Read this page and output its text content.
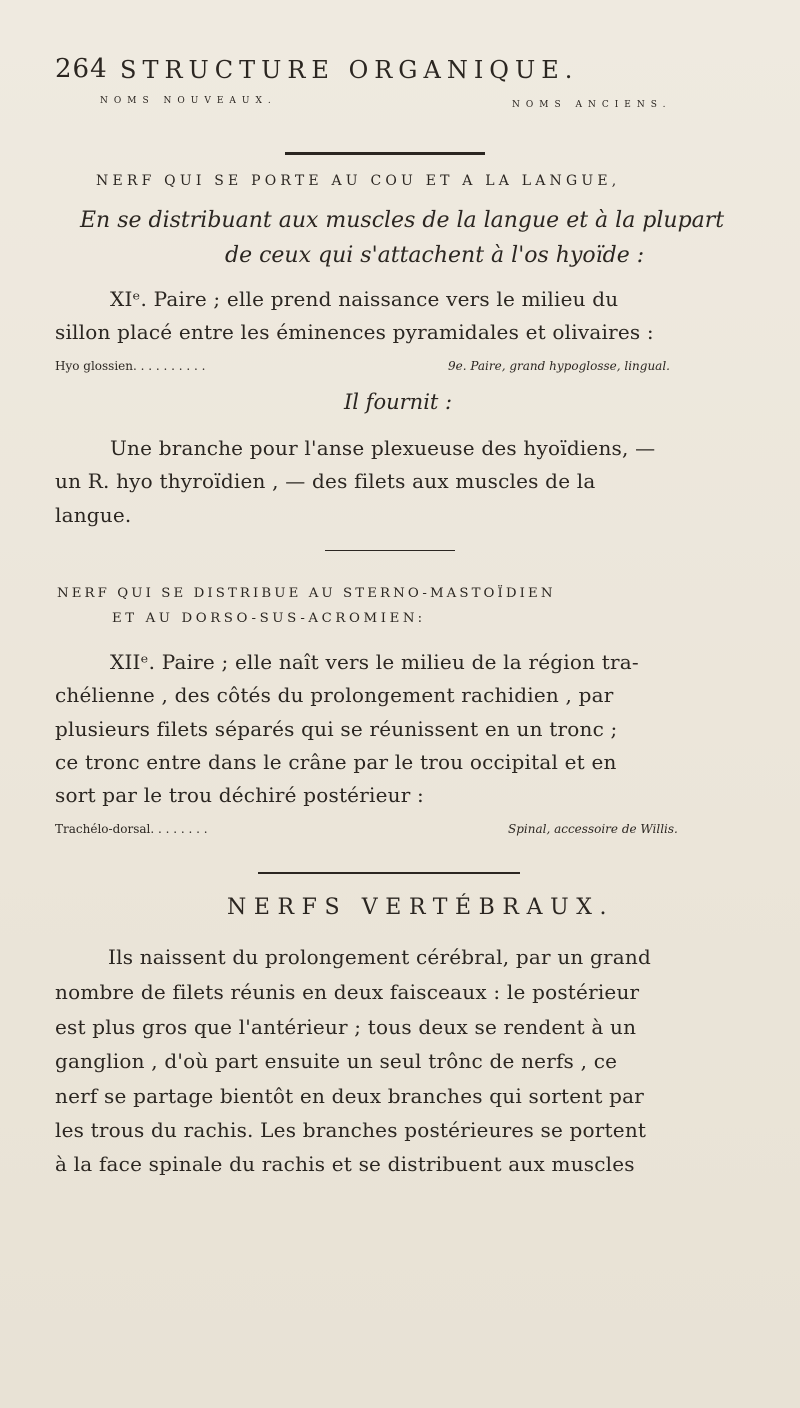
264 STRUCTURE ORGANIQUE.
NOMS NOUVEAUX.	NOMS ANCIENS.
NERF QUI SE PORTE AU COU ET A LA LANGUE,
En se distribuant aux muscles de la langue et à la plupart
de ceux qui s'attachent à l'os hyoïde :
XIᵉ. Paire ; elle prend naissance vers le milieu du
sillon placé entre les éminences pyramidales et olivaires :
Hyo glossien. . . . . . . . . .	9e. Paire, grand hypoglosse, lingual.
Il fournit :
Une branche pour l'anse plexueuse des hyoïdiens, —
un R. hyo thyroïdien , — des filets aux muscles de la
langue.
NERF QUI SE DISTRIBUE AU STERNO-MASTOÏDIEN
ET AU DORSO-SUS-ACROMIEN:
XIIᵉ. Paire ; elle naît vers le milieu de la région tra-
chélienne , des côtés du prolongement rachidien , par
plusieurs filets séparés qui se réunissent en un tronc ;
ce tronc entre dans le crâne par le trou occipital et en
sort par le trou déchiré postérieur :
Trachélo-dorsal. . . . . . . .	Spinal, accessoire de Willis.
NERFS VERTÉBRAUX.
Ils naissent du prolongement cérébral, par un grand
nombre de filets réunis en deux faisceaux : le postérieur
est plus gros que l'antérieur ; tous deux se rendent à un
ganglion , d'où part ensuite un seul trônc de nerfs , ce
nerf se partage bientôt en deux branches qui sortent par
les trous du rachis. Les branches postérieures se portent
à la face spinale du rachis et se distribuent aux muscles
